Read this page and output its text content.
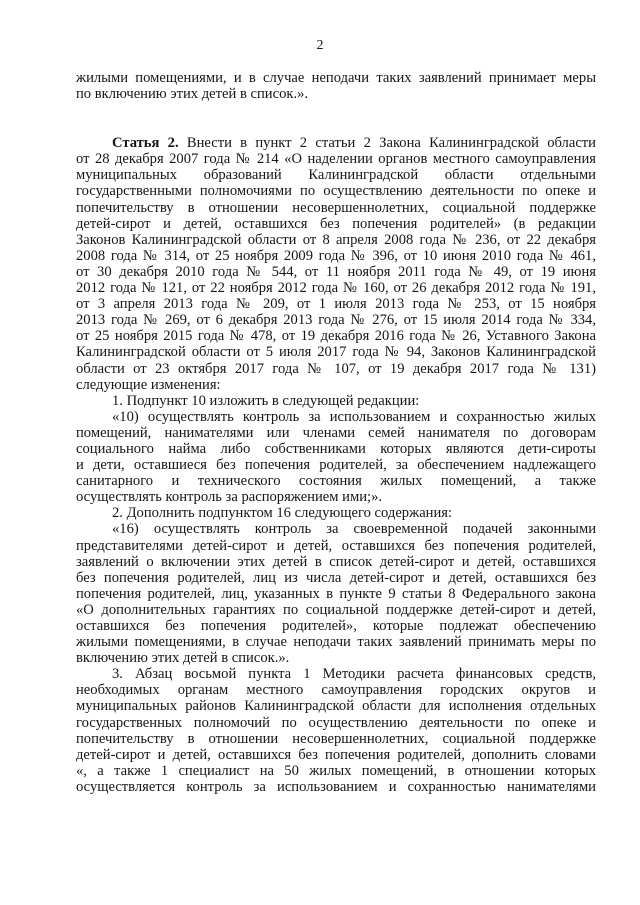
2

жилыми помещениями, и в случае неподачи таких заявлений принимает меры
по включению этих детей в список.».

Статья 2. Внести в пункт 2 статьи 2 Закона Калининградской области
от 28 декабря 2007 года № 214 «О наделении органов местного самоуправления
муниципальных образований Калининградской области отдельными
государственными полномочиями по осуществлению деятельности по опеке и
попечительству в отношении несовершеннолетних, социальной поддержке
детей-сирот и детей, оставшихся без попечения родителей» (в редакции
Законов Калининградской области от 8 апреля 2008 года № 236, от 22 декабря
2008 года № 314, от 25 ноября 2009 года № 396, от 10 июня 2010 года № 461,
от 30 декабря 2010 года № 544, от 11 ноября 2011 года № 49, от 19 июня
2012 года № 121, от 22 ноября 2012 года № 160, от 26 декабря 2012 года № 191,
от 3 апреля 2013 года № 209, от 1 июля 2013 года № 253, от 15 ноября
2013 года № 269, от 6 декабря 2013 года № 276, от 15 июля 2014 года № 334,
от 25 ноября 2015 года № 478, от 19 декабря 2016 года № 26, Уставного Закона
Калининградской области от 5 июля 2017 года № 94, Законов Калининградской
области от 23 октября 2017 года № 107, от 19 декабря 2017 года № 131)
следующие изменения:

1. Подпункт 10 изложить в следующей редакции:

«10) осуществлять контроль за использованием и сохранностью жилых
помещений, нанимателями или членами семей нанимателя по договорам
социального найма либо собственниками которых являются дети-сироты
и дети, оставшиеся без попечения родителей, за обеспечением надлежащего
санитарного и технического состояния жилых помещений, а также
осуществлять контроль за распоряжением ими;».

2. Дополнить подпунктом 16 следующего содержания:

«16) осуществлять контроль за своевременной подачей законными
представителями детей-сирот и детей, оставшихся без попечения родителей,
заявлений о включении этих детей в список детей-сирот и детей, оставшихся
без попечения родителей, лиц из числа детей-сирот и детей, оставшихся без
попечения родителей, лиц, указанных в пункте 9 статьи 8 Федерального закона
«О дополнительных гарантиях по социальной поддержке детей-сирот и детей,
оставшихся без попечения родителей», которые подлежат обеспечению
жилыми помещениями, в случае неподачи таких заявлений принимать меры по
включению этих детей в список.».

3. Абзац восьмой пункта 1 Методики расчета финансовых средств,
необходимых органам местного самоуправления городских округов и
муниципальных районов Калининградской области для исполнения отдельных
государственных полномочий по осуществлению деятельности по опеке и
попечительству в отношении несовершеннолетних, социальной поддержке
детей-сирот и детей, оставшихся без попечения родителей, дополнить словами
«, а также 1 специалист на 50 жилых помещений, в отношении которых
осуществляется контроль за использованием и сохранностью нанимателями
